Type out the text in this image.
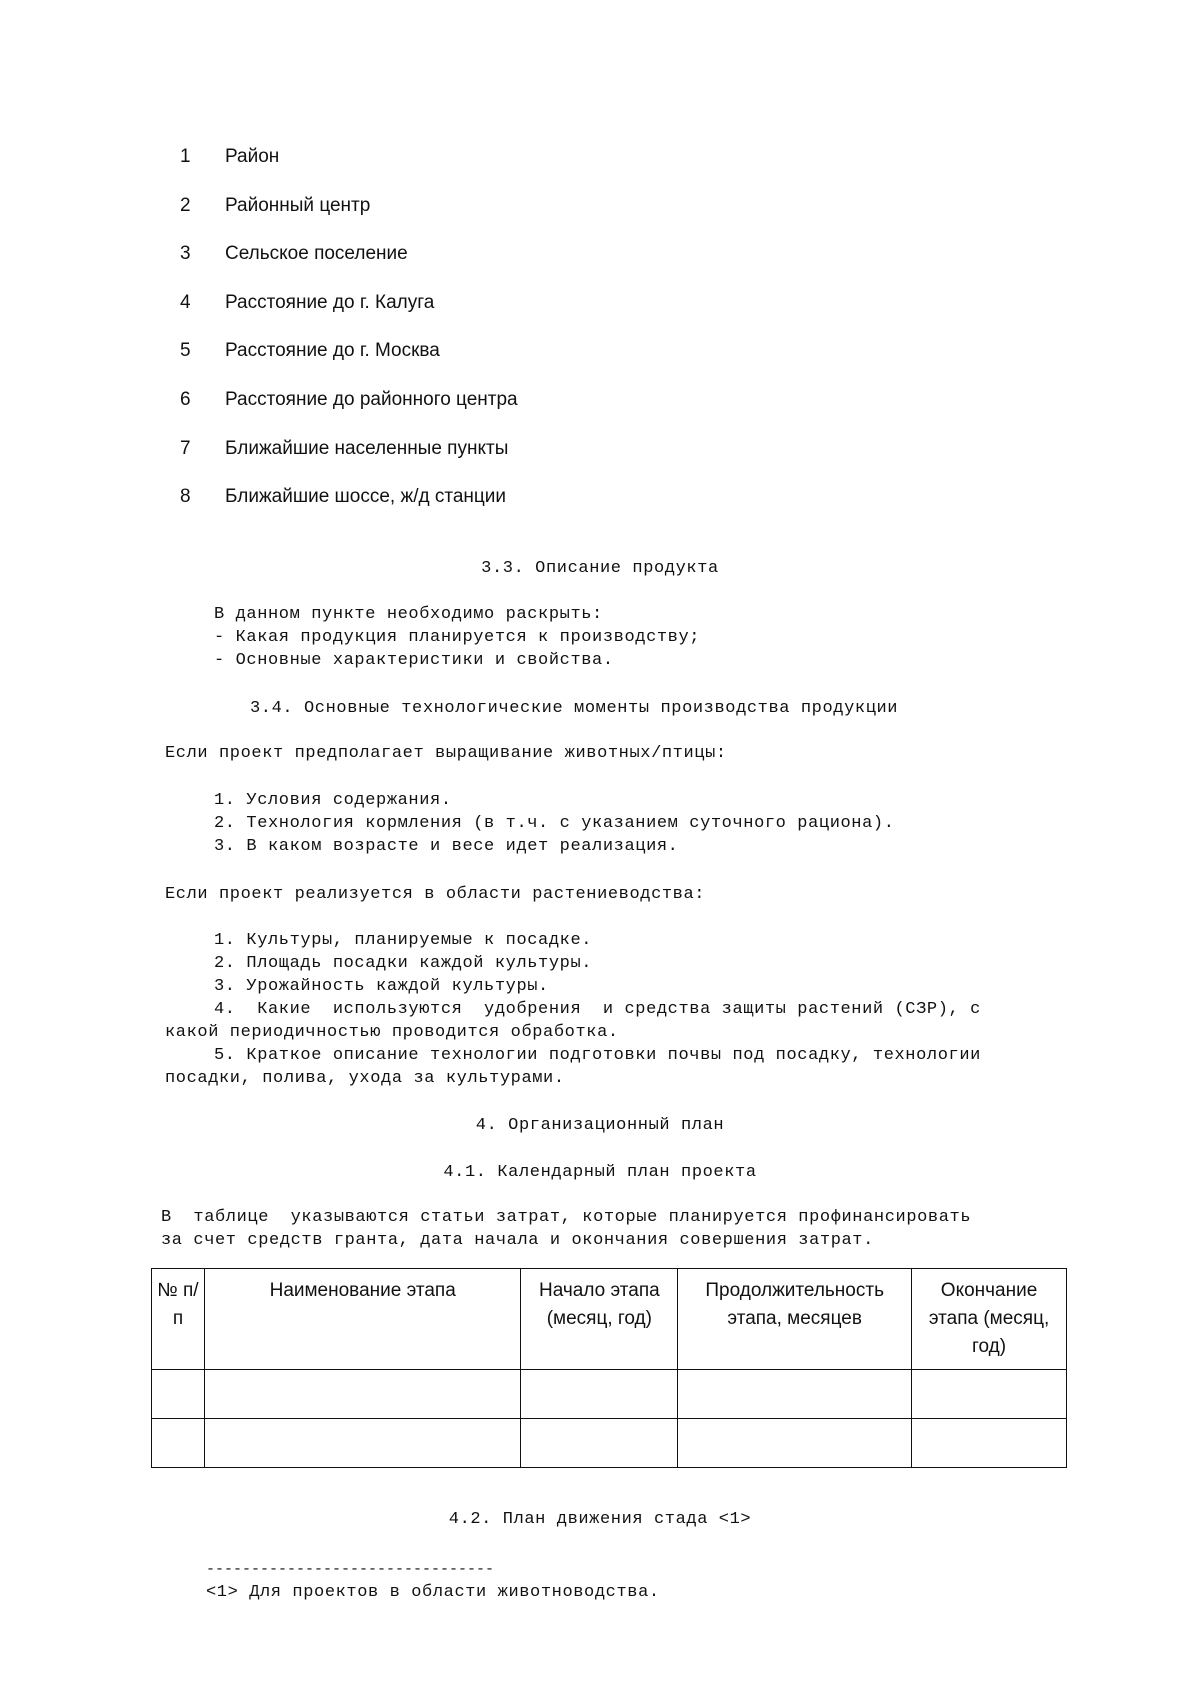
1	Район
2	Районный центр
3	Сельское поселение
4	Расстояние до г. Калуга
5	Расстояние до г. Москва
6	Расстояние до районного центра
7	Ближайшие населенные пункты
8	Ближайшие шоссе, ж/д станции
3.3. Описание продукта
В данном пункте необходимо раскрыть:
- Какая продукция планируется к производству;
- Основные характеристики и свойства.
3.4. Основные технологические моменты производства продукции
Если проект предполагает выращивание животных/птицы:
1. Условия содержания.
2. Технология кормления (в т.ч. с указанием суточного рациона).
3. В каком возрасте и весе идет реализация.
Если проект реализуется в области растениеводства:
1. Культуры, планируемые к посадке.
2. Площадь посадки каждой культуры.
3. Урожайность каждой культуры.
4.  Какие  используются  удобрения  и средства защиты растений (СЗР), с
какой периодичностью проводится обработка.
5. Краткое описание технологии подготовки почвы под посадку, технологии
посадки, полива, ухода за культурами.
4. Организационный план
4.1. Календарный план проекта
В  таблице  указываются статьи затрат, которые планируется профинансировать
за счет средств гранта, дата начала и окончания совершения затрат.
№ п/п	Наименование этапа	Начало этапа (месяц, год)	Продолжительность этапа, месяцев	Окончание этапа (месяц, год)

4.2. План движения стада <1>
--------------------------------
<1> Для проектов в области животноводства.
